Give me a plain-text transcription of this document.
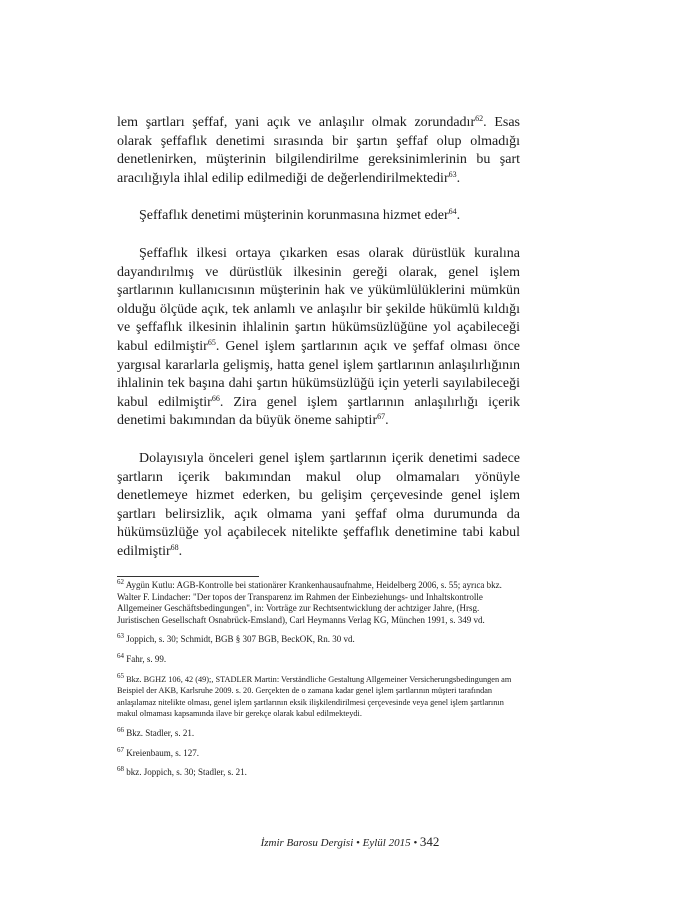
lem şartları şeffaf, yani açık ve anlaşılır olmak zorundadır$^{62}$. Esas olarak şeffaflık denetimi sırasında bir şartın şeffaf olup olmadığı denetlenirken, müşterinin bilgilendirilme gereksinimlerinin bu şart aracılığıyla ihlal edilip edilmediği de değerlendirilmektedir$^{63}$.

Şeffaflık denetimi müşterinin korunmasına hizmet eder$^{64}$.

Şeffaflık ilkesi ortaya çıkarken esas olarak dürüstlük kuralına dayandırılmış ve dürüstlük ilkesinin gereği olarak, genel işlem şartlarının kullanıcısının müşterinin hak ve yükümlülüklerini mümkün olduğu ölçüde açık, tek anlamlı ve anlaşılır bir şekilde hükümlü kıldığı ve şeffaflık ilkesinin ihlalinin şartın hükümsüzlüğüne yol açabileceği kabul edilmiştir$^{65}$. Genel işlem şartlarının açık ve şeffaf olması önce yargısal kararlarla gelişmiş, hatta genel işlem şartlarının anlaşılırlığının ihlalinin tek başına dahi şartın hükümsüzlüğü için yeterli sayılabileceği kabul edilmiştir$^{66}$. Zira genel işlem şartlarının anlaşılırlığı içerik denetimi bakımından da büyük öneme sahiptir$^{67}$.

Dolayısıyla önceleri genel işlem şartlarının içerik denetimi sadece şartların içerik bakımından makul olup olmamaları yönüyle denetlemeye hizmet ederken, bu gelişim çerçevesinde genel işlem şartları belirsizlik, açık olmama yani şeffaf olma durumunda da hükümsüzlüğe yol açabilecek nitelikte şeffaflık denetimine tabi kabul edilmiştir$^{68}$.

$^{62}$ Aygün Kutlu: AGB-Kontrolle bei stationärer Krankenhausaufnahme, Heidelberg 2006, s. 55; ayrıca bkz. Walter F. Lindacher: "Der topos der Transparenz im Rahmen der Einbeziehungs- und Inhaltskontrolle Allgemeiner Geschäftsbedingungen", in: Vorträge zur Rechtsentwicklung der achtziger Jahre, (Hrsg. Juristischen Gesellschaft Osnabrück-Emsland), Carl Heymanns Verlag KG, München 1991, s. 349 vd.

$^{63}$ Joppich, s. 30; Schmidt, BGB § 307 BGB, BeckOK, Rn. 30 vd.

$^{64}$ Fahr, s. 99.

$^{65}$ Bkz. BGHZ 106, 42 (49);, STADLER Martin: Verständliche Gestaltung Allgemeiner Versicherungsbedingungen am Beispiel der AKB, Karlsruhe 2009. s. 20. Gerçekten de o zamana kadar genel işlem şartlarının müşteri tarafından anlaşılamaz nitelikte olması, genel işlem şartlarının eksik ilişkilendirilmesi çerçevesinde veya genel işlem şartlarının makul olmaması kapsamında ilave bir gerekçe olarak kabul edilmekteydi.

$^{66}$ Bkz. Stadler, s. 21.

$^{67}$ Kreienbaum, s. 127.

$^{68}$ bkz. Joppich, s. 30; Stadler, s. 21.

İzmir Barosu Dergisi • Eylül 2015 • 342
